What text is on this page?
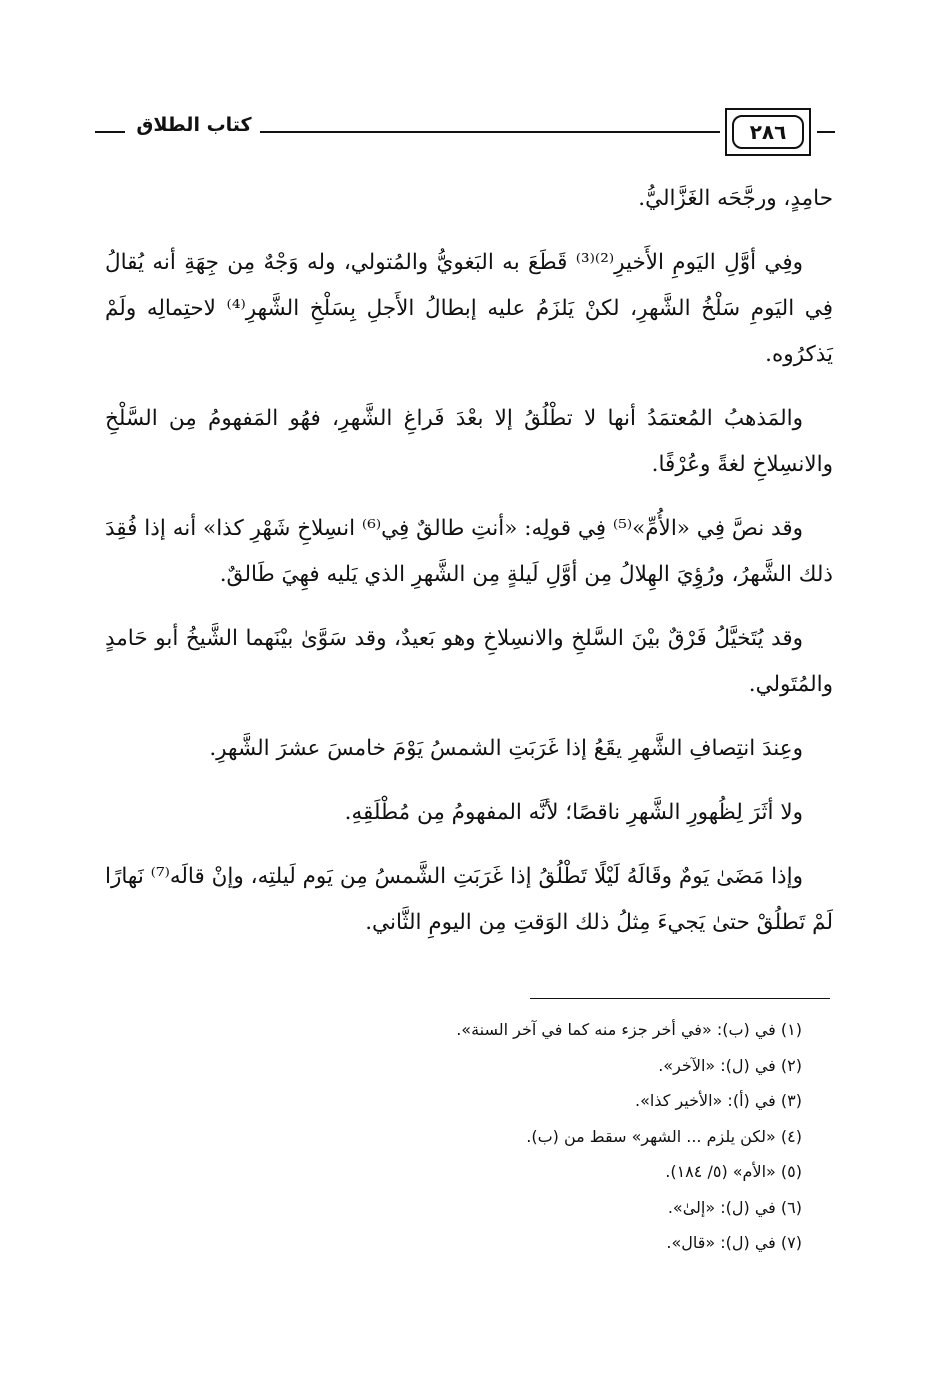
كتاب الطلاق	٢٨٦

حامِدٍ، ورجَّحَه الغَزَّاليُّ.

وفِي أوَّلِ اليَومِ الأَخيرِ⁽²⁾⁽³⁾ قَطَعَ به البَغويُّ والمُتولي، وله وَجْهٌ مِن جِهَةِ أنه يُقالُ فِي اليَومِ سَلْخُ الشَّهرِ، لكنْ يَلزَمُ عليه إبطالُ الأَجلِ بِسَلْخِ الشَّهرِ⁽⁴⁾ لاحتِمالِه ولَمْ يَذكرُوه.

والمَذهبُ المُعتمَدُ أنها لا تطْلُقُ إلا بعْدَ فَراغِ الشَّهرِ، فهُو المَفهومُ مِن السَّلْخِ والانسِلاخِ لغةً وعُرْفًا.

وقد نصَّ فِي «الأُمِّ»⁽⁵⁾ فِي قولِه: «أنتِ طالقٌ فِي⁽⁶⁾ انسِلاخِ شَهْرِ كذا» أنه إذا فُقِدَ ذلك الشَّهرُ، ورُؤِيَ الهِلالُ مِن أوَّلِ لَيلةٍ مِن الشَّهرِ الذي يَليه فهِيَ طَالقٌ.

وقد يُتَخيَّلُ فَرْقٌ بيْنَ السَّلخِ والانسِلاخِ وهو بَعيدٌ، وقد سَوَّىٰ بيْنَهما الشَّيخُ أبو حَامدٍ والمُتَولي.

وعِندَ انتِصافِ الشَّهرِ يقَعُ إذا غَرَبَتِ الشمسُ يَوْمَ خامسَ عشرَ الشَّهرِ.

ولا أثَرَ لِظُهورِ الشَّهرِ ناقصًا؛ لأنَّه المفهومُ مِن مُطْلَقِهِ.

وإذا مَضَىٰ يَومٌ وقَالَهُ لَيْلًا تَطْلُقُ إذا غَرَبَتِ الشَّمسُ مِن يَوم لَيلتِه، وإنْ قالَه⁽⁷⁾ نَهارًا لَمْ تَطلُقْ حتىٰ يَجيءَ مِثلُ ذلك الوَقتِ مِن اليومِ الثَّاني.

(١) في (ب): «في أخر جزء منه كما في آخر السنة».
(٢) في (ل): «الآخر».
(٣) في (أ): «الأخير كذا».
(٤) «لكن يلزم ... الشهر» سقط من (ب).
(٥) «الأم» (٥/ ١٨٤).
(٦) في (ل): «إلىٰ».
(٧) في (ل): «قال».
